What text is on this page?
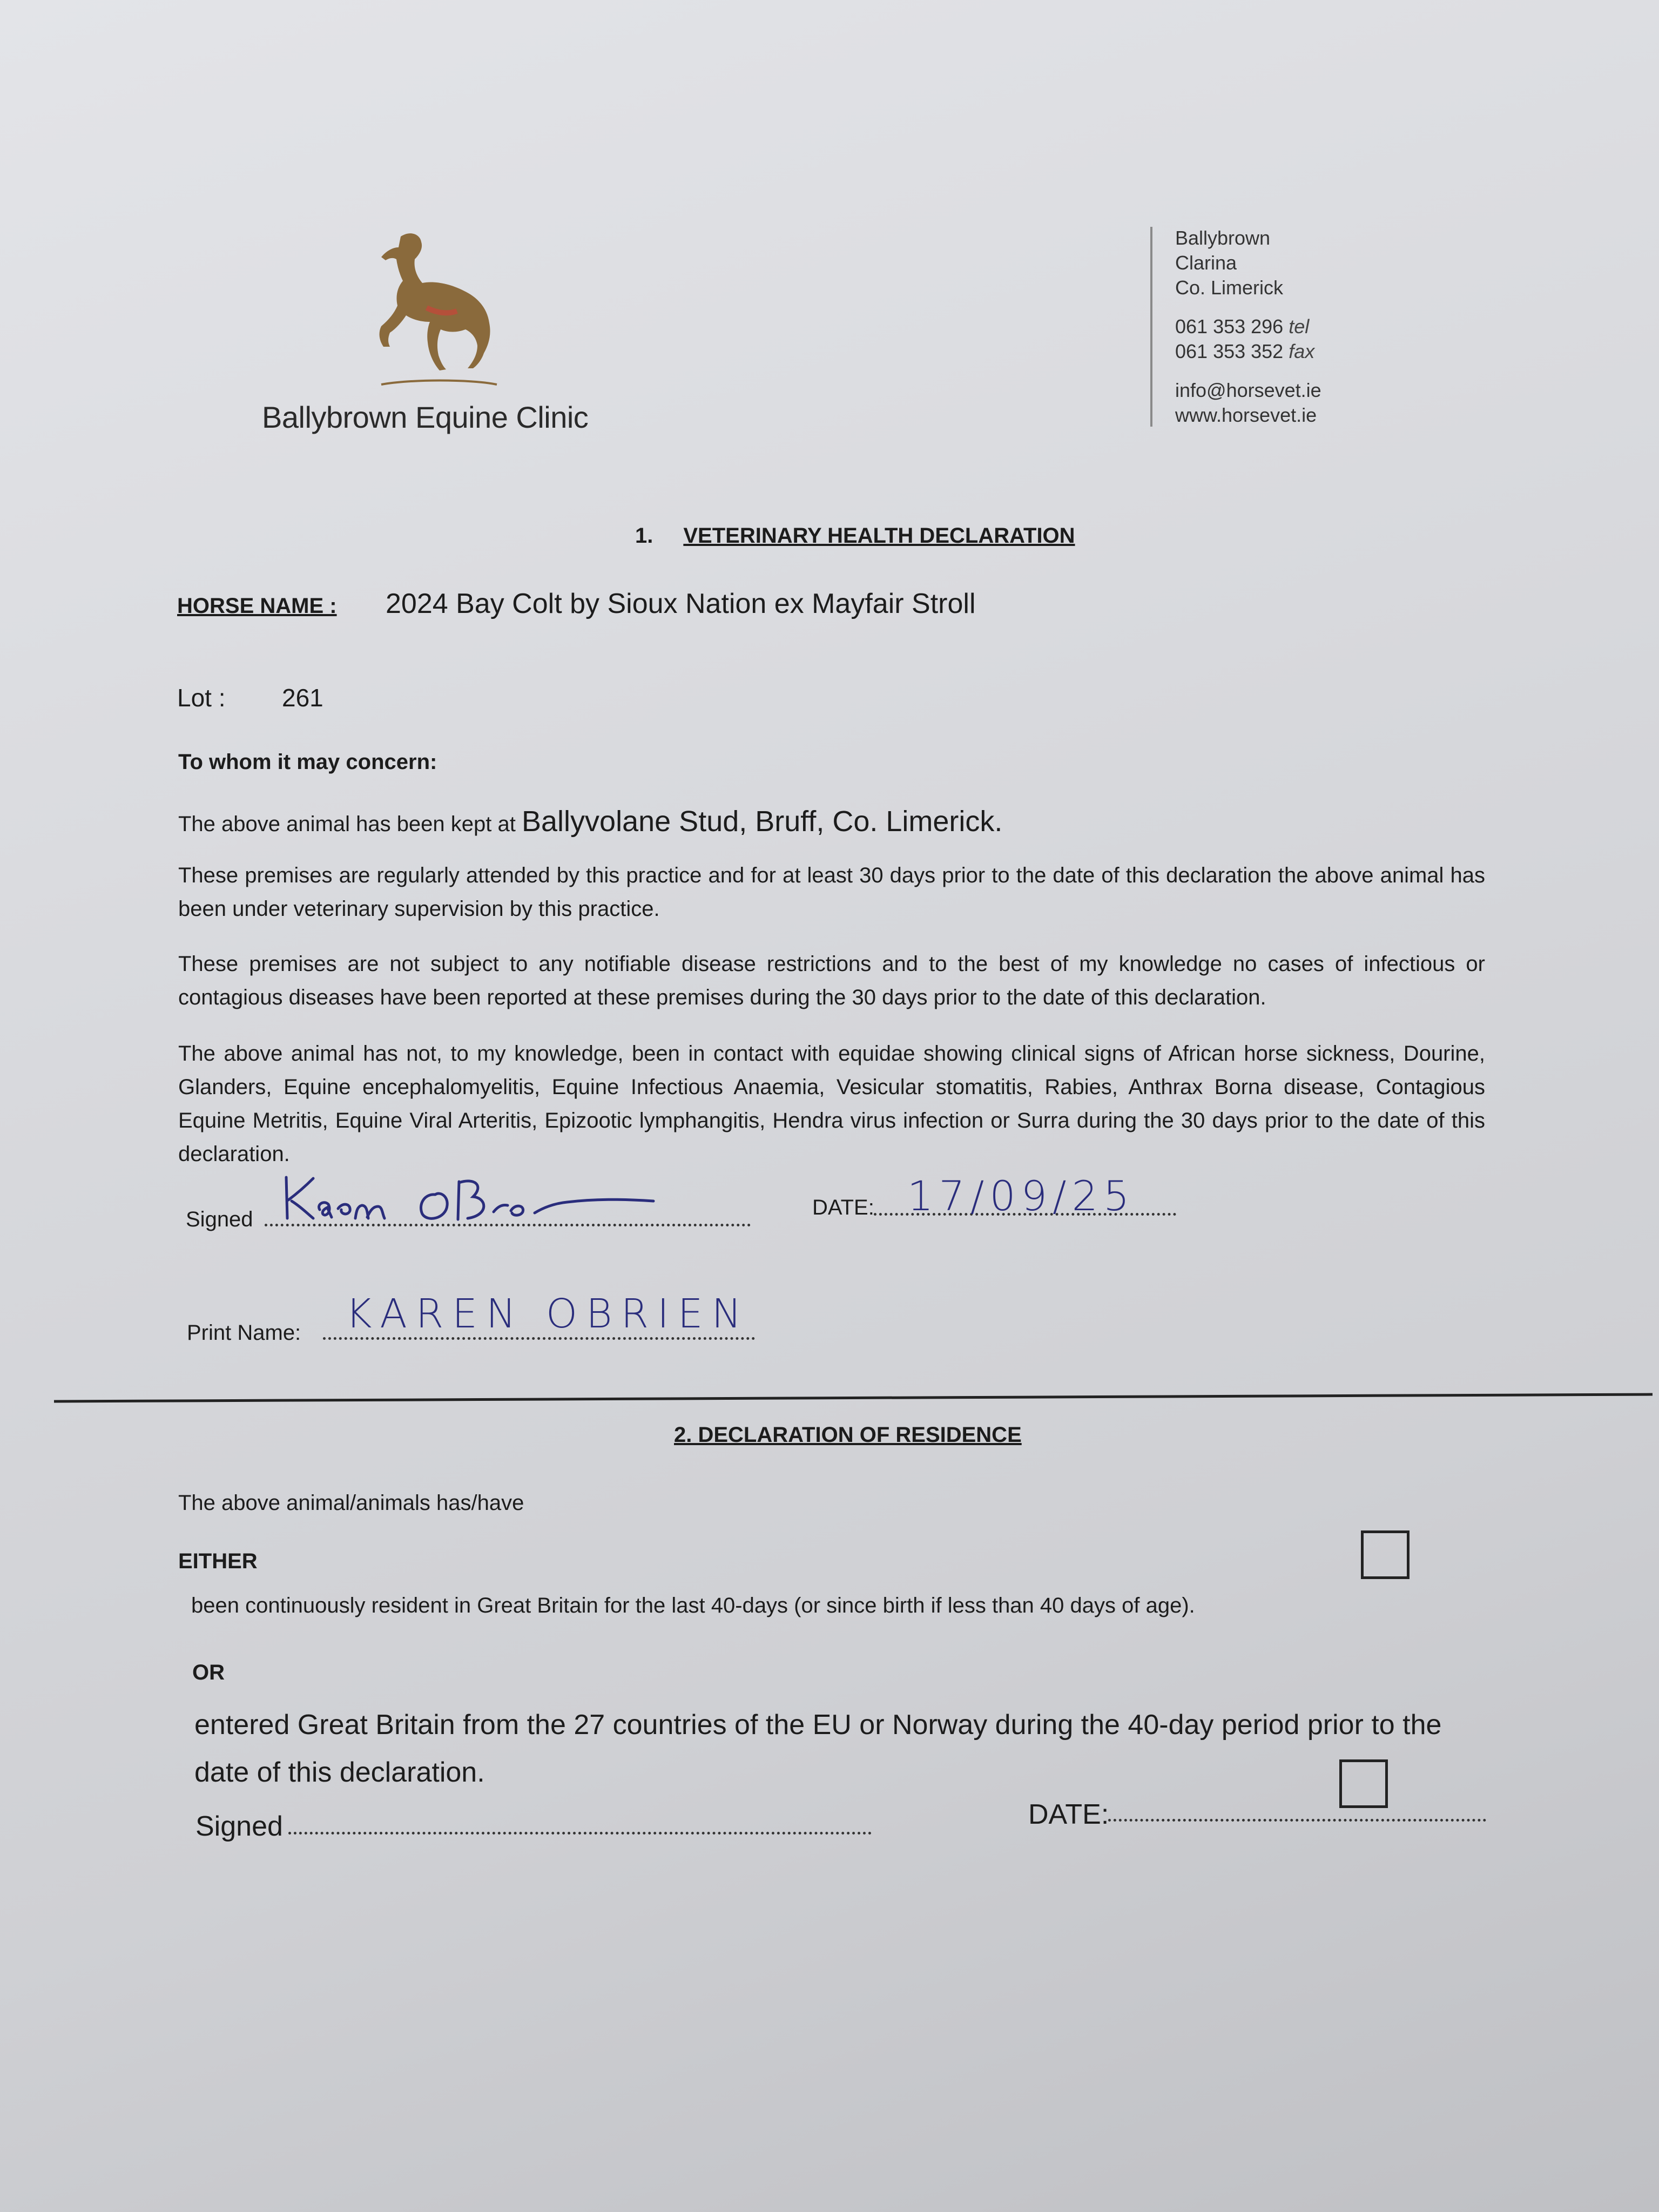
Ballybrown Equine Clinic
Ballybrown
Clarina
Co. Limerick
061 353 296 tel
061 353 352 fax
info@horsevet.ie
www.horsevet.ie
1. VETERINARY HEALTH DECLARATION
HORSE NAME : 2024 Bay Colt by Sioux Nation ex Mayfair Stroll
Lot : 261
To whom it may concern:
The above animal has been kept at Ballyvolane Stud, Bruff, Co. Limerick.
These premises are regularly attended by this practice and for at least 30 days prior to the date of this declaration the above animal has been under veterinary supervision by this practice.
These premises are not subject to any notifiable disease restrictions and to the best of my knowledge no cases of infectious or contagious diseases have been reported at these premises during the 30 days prior to the date of this declaration.
The above animal has not, to my knowledge, been in contact with equidae showing clinical signs of African horse sickness, Dourine, Glanders, Equine encephalomyelitis, Equine Infectious Anaemia, Vesicular stomatitis, Rabies, Anthrax Borna disease, Contagious Equine Metritis, Equine Viral Arteritis, Epizootic lymphangitis, Hendra virus infection or Surra during the 30 days prior to the date of this declaration.
Signed	DATE: 17/09/25
Print Name: KAREN OBRIEN
2. DECLARATION OF RESIDENCE
The above animal/animals has/have
EITHER
been continuously resident in Great Britain for the last 40-days (or since birth if less than 40 days of age).
OR
entered Great Britain from the 27 countries of the EU or Norway during the 40-day period prior to the date of this declaration.
Signed	DATE:
